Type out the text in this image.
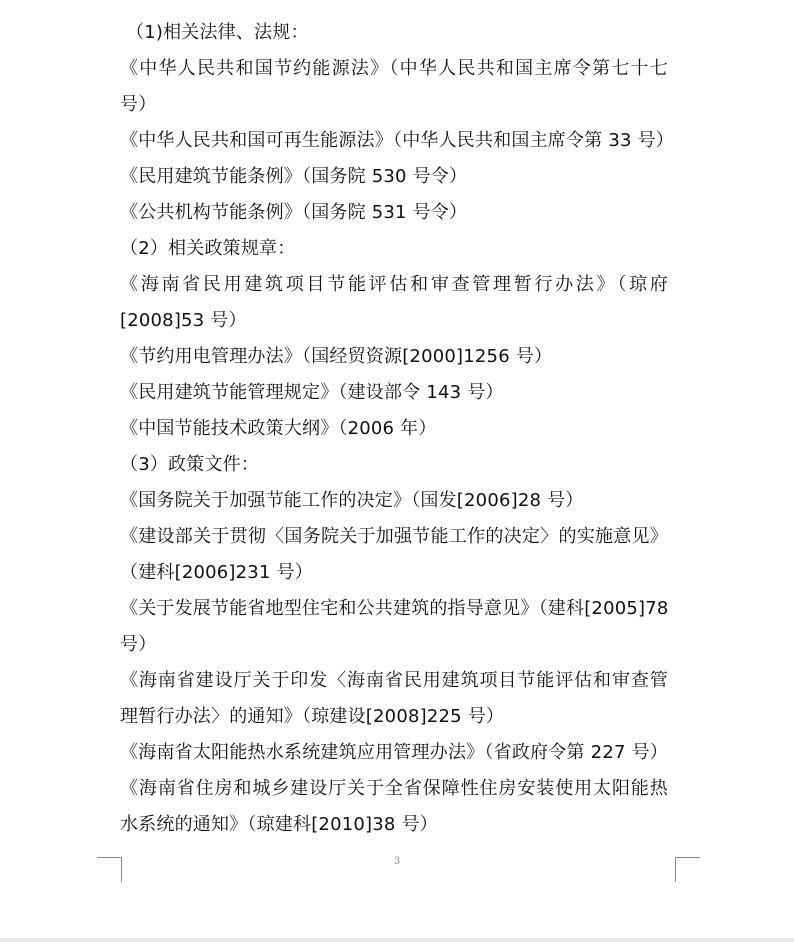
（1)相关法律、法规：
《中华人民共和国节约能源法》（中华人民共和国主席令第七十七
号）
《中华人民共和国可再生能源法》（中华人民共和国主席令第 33 号）
《民用建筑节能条例》（国务院 530 号令）
《公共机构节能条例》（国务院 531 号令）
（2）相关政策规章：
《海南省民用建筑项目节能评估和审查管理暂行办法》（琼府
[2008]53 号）
《节约用电管理办法》（国经贸资源[2000]1256 号）
《民用建筑节能管理规定》（建设部令 143 号）
《中国节能技术政策大纲》（2006 年）
（3）政策文件：
《国务院关于加强节能工作的决定》（国发[2006]28 号）
《建设部关于贯彻〈国务院关于加强节能工作的决定〉的实施意见》
（建科[2006]231 号）
《关于发展节能省地型住宅和公共建筑的指导意见》（建科[2005]78
号）
《海南省建设厅关于印发〈海南省民用建筑项目节能评估和审查管
理暂行办法〉的通知》（琼建设[2008]225 号）
《海南省太阳能热水系统建筑应用管理办法》（省政府令第 227 号）
《海南省住房和城乡建设厅关于全省保障性住房安装使用太阳能热
水系统的通知》（琼建科[2010]38 号）
3
